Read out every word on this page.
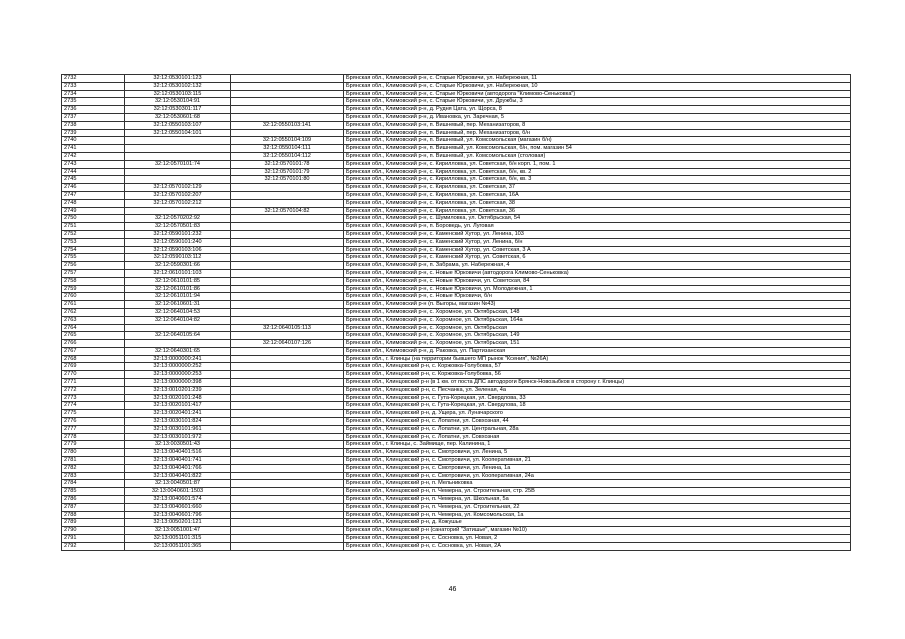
2732	32:12:0530101:123		Брянская обл., Климовский р-н, с. Старые Юрковичи, ул. Набережная, 11
2733	32:12:0530102:132		Брянская обл., Климовский р-н, с. Старые Юрковичи, ул. Набережная, 10
2734	32:12:0530103:115		Брянская обл., Климовский р-н, с. Старые Юрковичи (автодорога "Климово-Сеньковка")
2735	32:12:0530104:91		Брянская обл., Климовский р-н, с. Старые Юрковичи, ул. Дружбы, 3
2736	32:12:0530301:117		Брянская обл., Климовский р-н, д. Рудня Цата, ул. Щорса, 8
2737	32:12:0530601:68		Брянская обл., Климовский р-н, д. Ивановка, ул. Заречная, 5
2738	32:12:0550103:107	32:12:0550103:141	Брянская обл., Климовский р-н, п. Вишневый, пер. Механизаторов, 8
2739	32:12:0550104:101		Брянская обл., Климовский р-н, п. Вишневый, пер. Механизаторов, б/н
2740		32:12:0550104:109	Брянская обл., Климовский р-н, п. Вишневый, ул. Комсомольская (магазин б/н)
2741		32:12:0550104:111	Брянская обл., Климовский р-н, п. Вишневый, ул. Комсомольская, б/н, пом. магазин 54
2742		32:12:0550104:112	Брянская обл., Климовский р-н, п. Вишневый, ул. Комсомольская (столовая)
2743	32:12:0570101:74	32:12:0570101:78	Брянская обл., Климовский р-н, с. Кирилловка, ул. Советская, б/н корп. 1, пом. 1
2744		32:12:0570101:79	Брянская обл., Климовский р-н, с. Кирилловка, ул. Советская, б/н, кв. 2
2745		32:12:0570101:80	Брянская обл., Климовский р-н, с. Кирилловка, ул. Советская, б/н, кв. 3
2746	32:12:0570102:129		Брянская обл., Климовский р-н, с. Кирилловка, ул. Советская, 37
2747	32:12:0570102:207		Брянская обл., Климовский р-н, с. Кирилловка, ул. Советская, 16А
2748	32:12:0570102:212		Брянская обл., Климовский р-н, с. Кирилловка, ул. Советская, 38
2749		32:12:0570104:82	Брянская обл., Климовский р-н, с. Кирилловка, ул. Советская, 36
2750	32:12:0570202:92		Брянская обл., Климовский р-н, с. Шумиловка, ул. Октябрьская, 54
2751	32:12:0570501:83		Брянская обл., Климовский р-н, п. Бороведь, ул. Луговая
2752	32:12:0590101:232		Брянская обл., Климовский р-н, с. Каменский Хутор, ул. Ленина, 103
2753	32:12:0590101:240		Брянская обл., Климовский р-н, с. Каменский Хутор, ул. Ленина, б/н
2754	32:12:0590103:106		Брянская обл., Климовский р-н, с. Каменский Хутор, ул. Советская, 3 А
2755	32:12:0590103:112		Брянская обл., Климовский р-н, с. Каменский Хутор, ул. Советская, 6
2756	32:12:0590301:66		Брянская обл., Климовский р-н, п. Забрама, ул. Набережная, 4
2757	32:12:0610101:103		Брянская обл., Климовский р-н, с. Новые Юрковичи (автодорога Климово-Сеньковка)
2758	32:12:0610101:85		Брянская обл., Климовский р-н, с. Новые Юрковичи, ул. Советская, 84
2759	32:12:0610101:86		Брянская обл., Климовский р-н, с. Новые Юрковичи, ул. Молодежная, 1
2760	32:12:0610101:94		Брянская обл., Климовский р-н, с. Новые Юрковичи, б/н
2761	32:12:0610601:31		Брянская обл., Климовский р-н (п. Выгоры, магазин №43)
2762	32:12:0640104:53		Брянская обл., Климовский р-н, с. Хоромное, ул. Октябрьская, 148
2763	32:12:0640104:82		Брянская обл., Климовский р-н, с. Хоромное, ул. Октябрьская, 164а
2764		32:12:0640105:113	Брянская обл., Климовский р-н, с. Хоромное, ул. Октябрьская
2765	32:12:0640105:64		Брянская обл., Климовский р-н, с. Хоромное, ул. Октябрьская, 149
2766		32:12:0640107:126	Брянская обл., Климовский р-н, с. Хоромное, ул. Октябрьская, 151
2767	32:12:0640301:65		Брянская обл., Климовский р-н, д. Раковка, ул. Партизанская
2768	32:13:0000000:241		Брянская обл., г. Клинцы (на территории бывшего МП рынок "Ксения", №26А)
2769	32:13:0000000:252		Брянская обл., Клинцовский р-н, с. Коржовка-Голубовка, 57
2770	32:13:0000000:253		Брянская обл., Клинцовский р-н, с. Коржовка-Голубовка, 56
2771	32:13:0000000:398		Брянская обл., Клинцовский р-н (в 1 км. от поста ДПС автодороги Брянск-Новозыбков в сторону г. Клинцы)
2772	32:13:0010201:239		Брянская обл., Клинцовский р-н, с. Песчанка, ул. Зеленая, 4а
2773	32:13:0020101:248		Брянская обл., Клинцовский р-н, с. Гута-Корецкая, ул. Свердлова, 33
2774	32:13:0020101:417		Брянская обл., Клинцовский р-н, с. Гута-Корецкая, ул. Свердлова, 18
2775	32:13:0020401:241		Брянская обл., Клинцовский р-н, д. Ущера, ул. Луначарского
2776	32:13:0030101:824		Брянская обл., Клинцовский р-н, с. Лопатни, ул. Совхозная, 44
2777	32:13:0030101:961		Брянская обл., Клинцовский р-н, с. Лопатни, ул. Центральная, 28а
2778	32:13:0030101:972		Брянская обл., Клинцовский р-н, с. Лопатни, ул. Совхозная
2779	32:13:0030501:43		Брянская обл., г. Клинцы, с. Займище, пер. Калинина, 1
2780	32:13:0040401:516		Брянская обл., Клинцовский р-н, с. Смотровичи, ул. Ленина, 5
2781	32:13:0040401:741		Брянская обл., Клинцовский р-н, с. Смотровичи, ул. Кооперативная, 21
2782	32:13:0040401:766		Брянская обл., Клинцовский р-н, с. Смотровичи, ул. Ленина, 1а
2783	32:13:0040401:822		Брянская обл., Клинцовский р-н, с. Смотровичи, ул. Кооперативная, 24а
2784	32:13:0040501:87		Брянская обл., Клинцовский р-н, п. Мельниковка
2785	32:13:0040601:1503		Брянская обл., Клинцовский р-н, п. Чемерна, ул. Строительная, стр. 25В
2786	32:13:0040601:574		Брянская обл., Клинцовский р-н, п. Чемерна, ул. Школьная, 5а
2787	32:13:0040601:660		Брянская обл., Клинцовский р-н, п. Чемерна, ул. Строительная, 22
2788	32:13:0040601:796		Брянская обл., Клинцовский р-н, п. Чемерна, ул. Комсомольская, 1а
2789	32:13:0050201:121		Брянская обл., Клинцовский р-н, д. Кожушье
2790	32:13:0051001:47		Брянская обл., Клинцовский р-н (санаторий "Затишье", магазин №10)
2791	32:13:0051101:315		Брянская обл., Клинцовский р-н, с. Сосновка, ул. Новая, 2
2792	32:13:0051101:365		Брянская обл., Клинцовский р-н, с. Сосновка, ул. Новая, 2А
46
